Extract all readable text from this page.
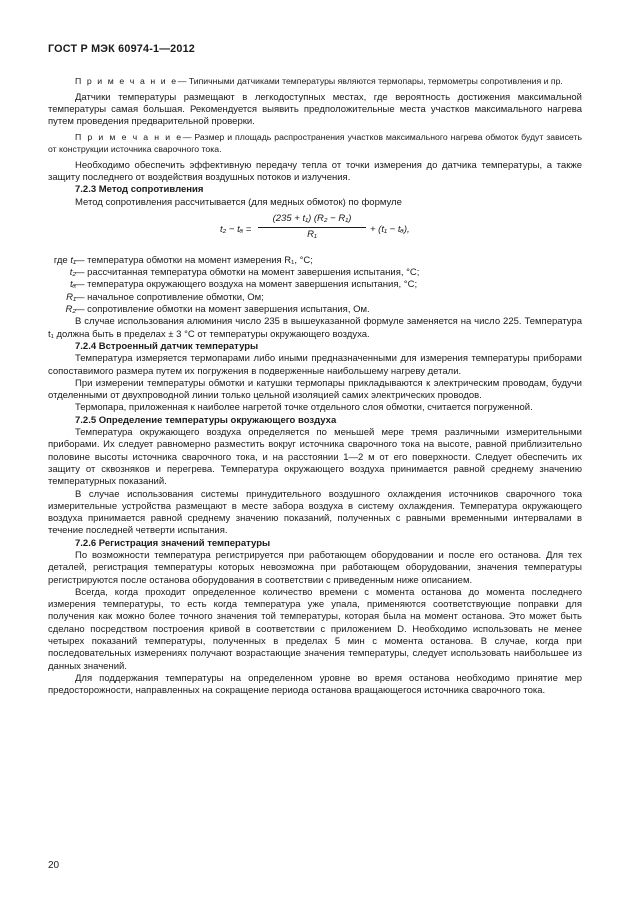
ГОСТ Р МЭК 60974-1—2012

П р и м е ч а н и е— Типичными датчиками температуры являются термопары, термометры сопротивления и пр.

Датчики температуры размещают в легкодоступных местах, где вероятность достижения максимальной температуры самая большая. Рекомендуется выявить предположительные места участков максимального нагрева путем проведения предварительной проверки.

П р и м е ч а н и е— Размер и площадь распространения участков максимального нагрева обмоток будут зависеть от конструкции источника сварочного тока.

Необходимо обеспечить эффективную передачу тепла от точки измерения до датчика температуры, а также защиту последнего от воздействия воздушных потоков и излучения.

7.2.3 Метод сопротивления

Метод сопротивления рассчитывается (для медных обмоток) по формуле

$t_2 - t_a = \frac{\text{(235 + t₁) (R₂ − R₁)}}{\text{R₁}} + (t_1 - t_a)$,

где t₁ — температура обмотки на момент измерения R₁, °C;

t₂ — рассчитанная температура обмотки на момент завершения испытания, °C;

tₐ — температура окружающего воздуха на момент завершения испытания, °C;

R₁ — начальное сопротивление обмотки, Ом;

R₂ — сопротивление обмотки на момент завершения испытания, Ом.

В случае использования алюминия число 235 в вышеуказанной формуле заменяется на число 225. Температура t₁ должна быть в пределах ± 3 °C от температуры окружающего воздуха.

7.2.4 Встроенный датчик температуры

Температура измеряется термопарами либо иными предназначенными для измерения температуры приборами сопоставимого размера путем их погружения в подверженные наибольшему нагреву детали.

При измерении температуры обмотки и катушки термопары прикладываются к электрическим проводам, будучи отделенными от двухпроводной линии только цельной изоляцией самих электрических проводов.

Термопара, приложенная к наиболее нагретой точке отдельного слоя обмотки, считается погруженной.

7.2.5 Определение температуры окружающего воздуха

Температура окружающего воздуха определяется по меньшей мере тремя различными измерительными приборами. Их следует равномерно разместить вокруг источника сварочного тока на высоте, равной приблизительно половине высоты источника сварочного тока, и на расстоянии 1—2 м от его поверхности. Следует обеспечить их защиту от сквозняков и перегрева. Температура окружающего воздуха принимается равной среднему значению температурных показаний.

В случае использования системы принудительного воздушного охлаждения источников сварочного тока измерительные устройства размещают в месте забора воздуха в систему охлаждения. Температура окружающего воздуха принимается равной среднему значению показаний, полученных с равными временными интервалами в течение последней четверти испытания.

7.2.6 Регистрация значений температуры

По возможности температура регистрируется при работающем оборудовании и после его останова. Для тех деталей, регистрация температуры которых невозможна при работающем оборудовании, значения температуры регистрируются после останова оборудования в соответствии с приведенным ниже описанием.

Всегда, когда проходит определенное количество времени с момента останова до момента последнего измерения температуры, то есть когда температура уже упала, применяются соответствующие поправки для получения как можно более точного значения той температуры, которая была на момент останова. Это может быть сделано посредством построения кривой в соответствии с приложением D. Необходимо использовать не менее четырех показаний температуры, полученных в пределах 5 мин с момента останова. В случае, когда при последовательных измерениях получают возрастающие значения температуры, следует использовать наибольшее из данных значений.

Для поддержания температуры на определенном уровне во время останова необходимо принятие мер предосторожности, направленных на сокращение периода останова вращающегося источника сварочного тока.

20
